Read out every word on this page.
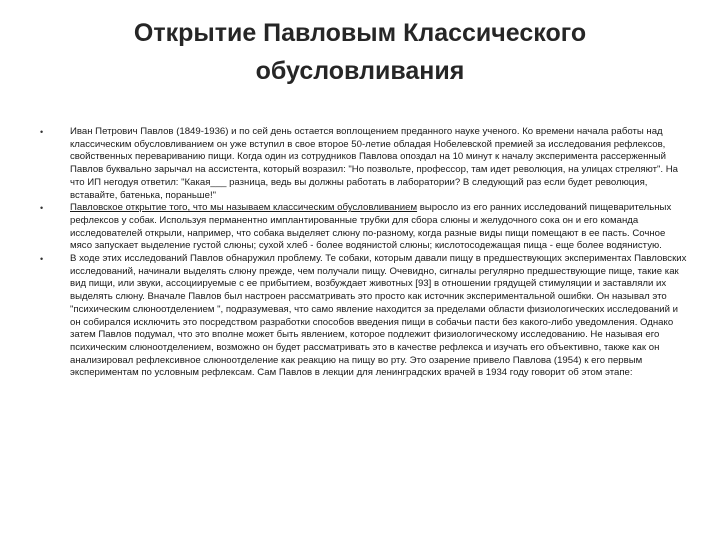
Открытие Павловым Классического
обусловливания
•	Иван Петрович Павлов (1849-1936) и по сей день остается воплощением преданного науке ученого. Ко времени начала работы над классическим обусловливанием он уже вступил в свое второе 50-летие обладая Нобелевской премией за исследования рефлексов, свойственных перевариванию пищи. Когда один из сотрудников Павлова опоздал на 10 минут к началу эксперимента рассерженный Павлов буквально зарычал на ассистента, который возразил: "Но позвольте, профессор, там идет революция, на улицах стреляют". На что ИП негодуя ответил: "Какая___ разница, ведь вы должны работать в лаборатории? В следующий раз если будет революция, вставайте, батенька, пораньше!"
•	Павловское открытие того, что мы называем классическим обусловливанием выросло из его ранних исследований пищеварительных рефлексов у собак. Используя перманентно имплантированные трубки для сбора слюны и желудочного сока он и его команда исследователей открыли, например, что собака выделяет слюну по-разному, когда разные виды пищи помещают в ее пасть. Сочное мясо запускает выделение густой слюны; сухой хлеб - более водянистой слюны; кислотосодежащая пища - еще более водянистую.
•	В ходе этих исследований Павлов обнаружил проблему. Те собаки, которым давали пищу в предшествующих экспериментах Павловских исследований, начинали выделять слюну прежде, чем получали пищу. Очевидно, сигналы регулярно предшествующие пище, такие как вид пищи, или звуки, ассоциируемые с ее прибытием, возбуждает животных [93] в отношении грядущей стимуляции и заставляли их выделять слюну. Вначале Павлов был настроен рассматривать это просто как источник экспериментальной ошибки. Он называл это "психическим слюноотделением ", подразумевая, что само явление находится за пределами области физиологических исследований и он собирался исключить это посредством разработки способов введения пищи в собачьи пасти без какого-либо уведомления. Однако затем Павлов подумал, что это вполне может быть явлением, которое подлежит физиологическому исследованию. Не называя его психическим слюноотделением, возможно он будет рассматривать это в качестве рефлекса и изучать его объективно, также как он анализировал рефлексивное слюноотделение как реакцию на пищу во рту. Это озарение привело Павлова (1954) к его первым экспериментам по условным рефлексам. Сам Павлов в лекции для ленинградских врачей в 1934 году говорит об этом этапе:
